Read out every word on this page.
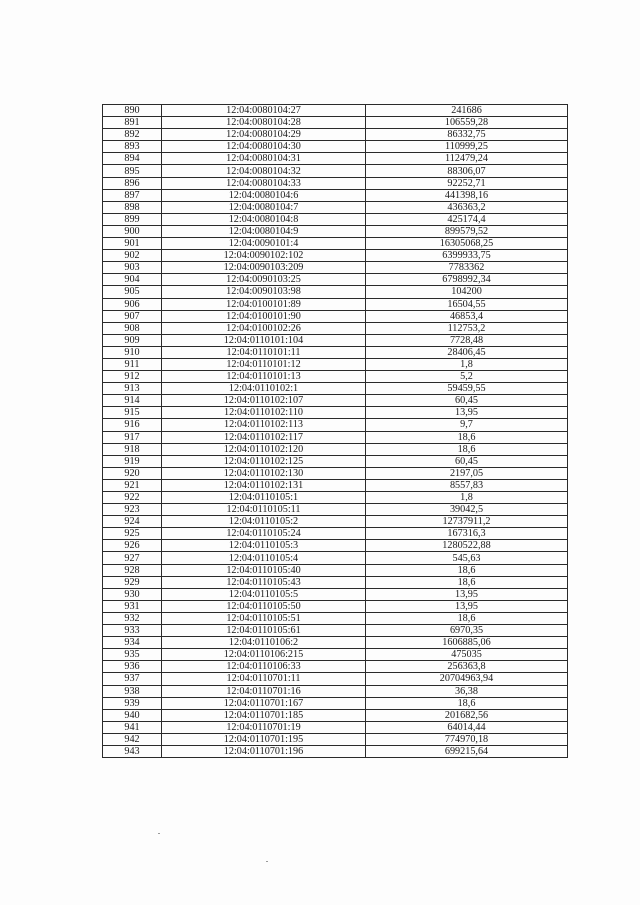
890	12:04:0080104:27	241686
891	12:04:0080104:28	106559,28
892	12:04:0080104:29	86332,75
893	12:04:0080104:30	110999,25
894	12:04:0080104:31	112479,24
895	12:04:0080104:32	88306,07
896	12:04:0080104:33	92252,71
897	12:04:0080104:6	441398,16
898	12:04:0080104:7	436363,2
899	12:04:0080104:8	425174,4
900	12:04:0080104:9	899579,52
901	12:04:0090101:4	16305068,25
902	12:04:0090102:102	6399933,75
903	12:04:0090103:209	7783362
904	12:04:0090103:25	6798992,34
905	12:04:0090103:98	104200
906	12:04:0100101:89	16504,55
907	12:04:0100101:90	46853,4
908	12:04:0100102:26	112753,2
909	12:04:0110101:104	7728,48
910	12:04:0110101:11	28406,45
911	12:04:0110101:12	1,8
912	12:04:0110101:13	5,2
913	12:04:0110102:1	59459,55
914	12:04:0110102:107	60,45
915	12:04:0110102:110	13,95
916	12:04:0110102:113	9,7
917	12:04:0110102:117	18,6
918	12:04:0110102:120	18,6
919	12:04:0110102:125	60,45
920	12:04:0110102:130	2197,05
921	12:04:0110102:131	8557,83
922	12:04:0110105:1	1,8
923	12:04:0110105:11	39042,5
924	12:04:0110105:2	12737911,2
925	12:04:0110105:24	167316,3
926	12:04:0110105:3	1280522,88
927	12:04:0110105:4	545,63
928	12:04:0110105:40	18,6
929	12:04:0110105:43	18,6
930	12:04:0110105:5	13,95
931	12:04:0110105:50	13,95
932	12:04:0110105:51	18,6
933	12:04:0110105:61	6970,35
934	12:04:0110106:2	1606885,06
935	12:04:0110106:215	475035
936	12:04:0110106:33	256363,8
937	12:04:0110701:11	20704963,94
938	12:04:0110701:16	36,38
939	12:04:0110701:167	18,6
940	12:04:0110701:185	201682,56
941	12:04:0110701:19	64014,44
942	12:04:0110701:195	774970,18
943	12:04:0110701:196	699215,64
